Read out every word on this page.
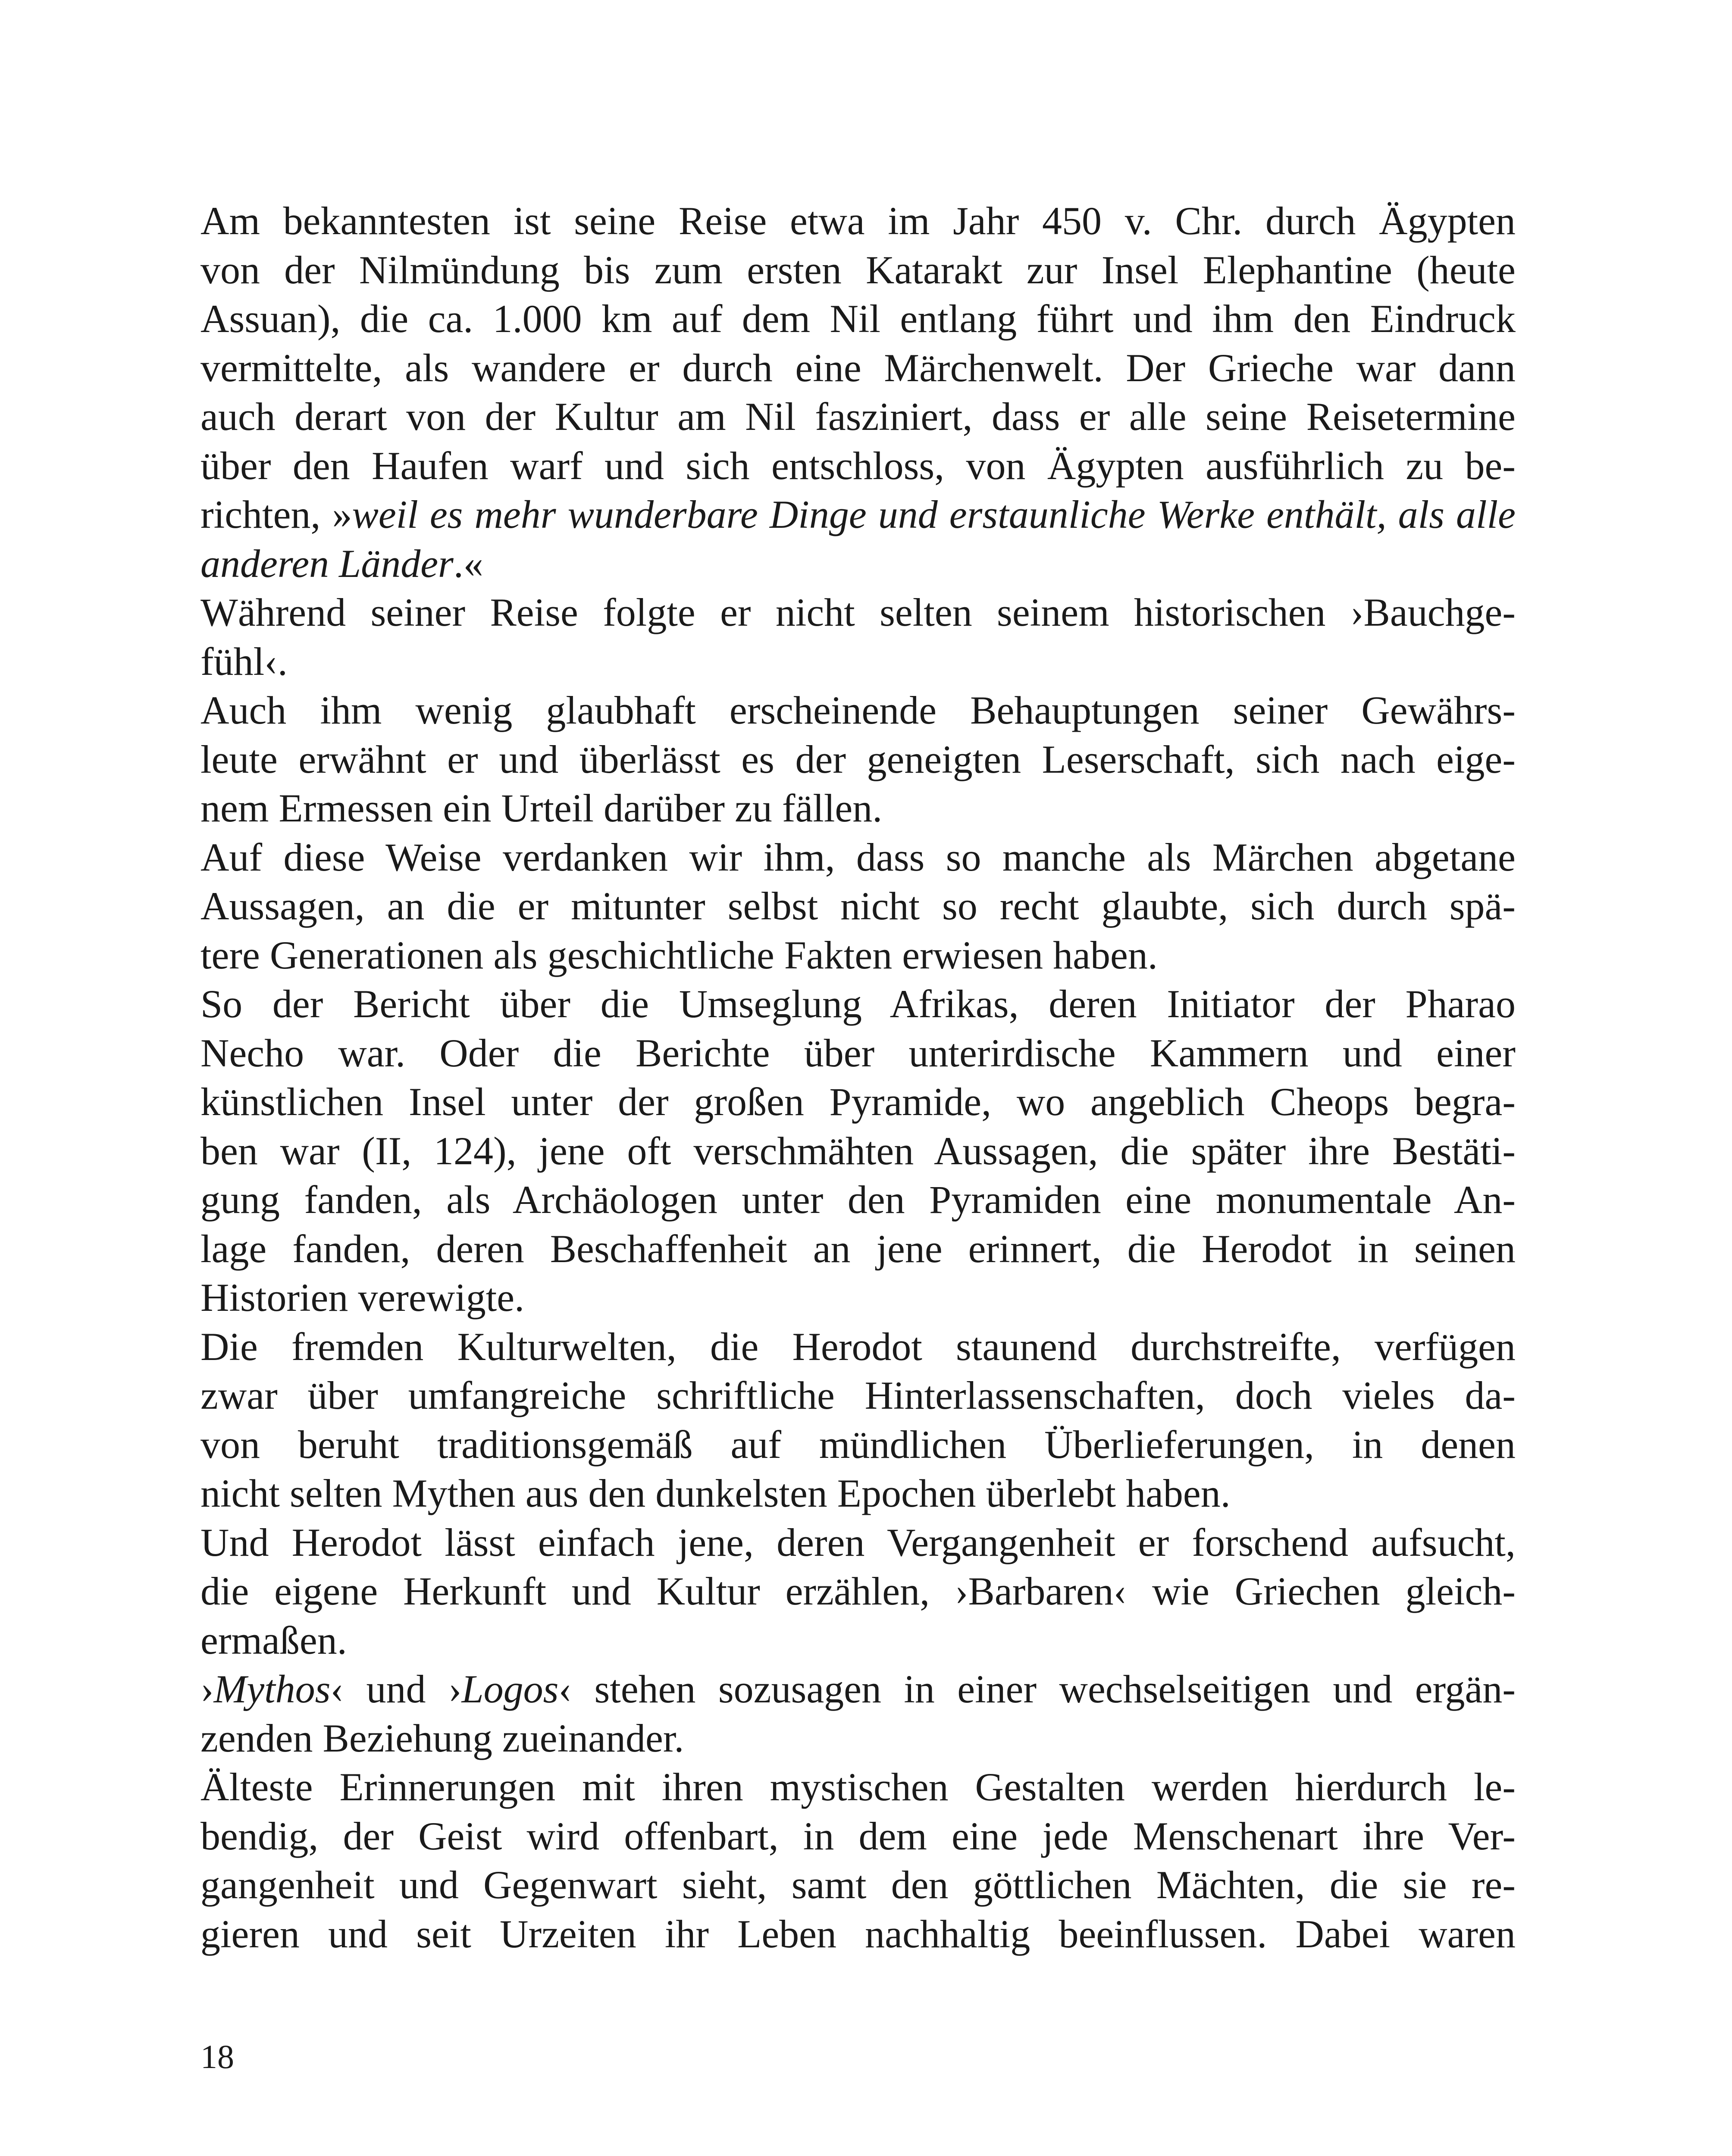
Am bekanntesten ist seine Reise etwa im Jahr 450 v. Chr. durch Ägypten
von der Nilmündung bis zum ersten Katarakt zur Insel Elephantine (heute
Assuan), die ca. 1.000 km auf dem Nil entlang führt und ihm den Eindruck
vermittelte, als wandere er durch eine Märchenwelt. Der Grieche war dann
auch derart von der Kultur am Nil fasziniert, dass er alle seine Reisetermine
über den Haufen warf und sich entschloss, von Ägypten ausführlich zu be-
richten, »weil es mehr wunderbare Dinge und erstaunliche Werke enthält, als alle
anderen Länder.«
Während seiner Reise folgte er nicht selten seinem historischen ›Bauchge-
fühl‹.
Auch ihm wenig glaubhaft erscheinende Behauptungen seiner Gewährs-
leute erwähnt er und überlässt es der geneigten Leserschaft, sich nach eige-
nem Ermessen ein Urteil darüber zu fällen.
Auf diese Weise verdanken wir ihm, dass so manche als Märchen abgetane
Aussagen, an die er mitunter selbst nicht so recht glaubte, sich durch spä-
tere Generationen als geschichtliche Fakten erwiesen haben.
So der Bericht über die Umseglung Afrikas, deren Initiator der Pharao
Necho war. Oder die Berichte über unterirdische Kammern und einer
künstlichen Insel unter der großen Pyramide, wo angeblich Cheops begra-
ben war (II, 124), jene oft verschmähten Aussagen, die später ihre Bestäti-
gung fanden, als Archäologen unter den Pyramiden eine monumentale An-
lage fanden, deren Beschaffenheit an jene erinnert, die Herodot in seinen
Historien verewigte.
Die fremden Kulturwelten, die Herodot staunend durchstreifte, verfügen
zwar über umfangreiche schriftliche Hinterlassenschaften, doch vieles da-
von beruht traditionsgemäß auf mündlichen Überlieferungen, in denen
nicht selten Mythen aus den dunkelsten Epochen überlebt haben.
Und Herodot lässt einfach jene, deren Vergangenheit er forschend aufsucht,
die eigene Herkunft und Kultur erzählen, ›Barbaren‹ wie Griechen gleich-
ermaßen.
›Mythos‹ und ›Logos‹ stehen sozusagen in einer wechselseitigen und ergän-
zenden Beziehung zueinander.
Älteste Erinnerungen mit ihren mystischen Gestalten werden hierdurch le-
bendig, der Geist wird offenbart, in dem eine jede Menschenart ihre Ver-
gangenheit und Gegenwart sieht, samt den göttlichen Mächten, die sie re-
gieren und seit Urzeiten ihr Leben nachhaltig beeinflussen. Dabei waren
18
